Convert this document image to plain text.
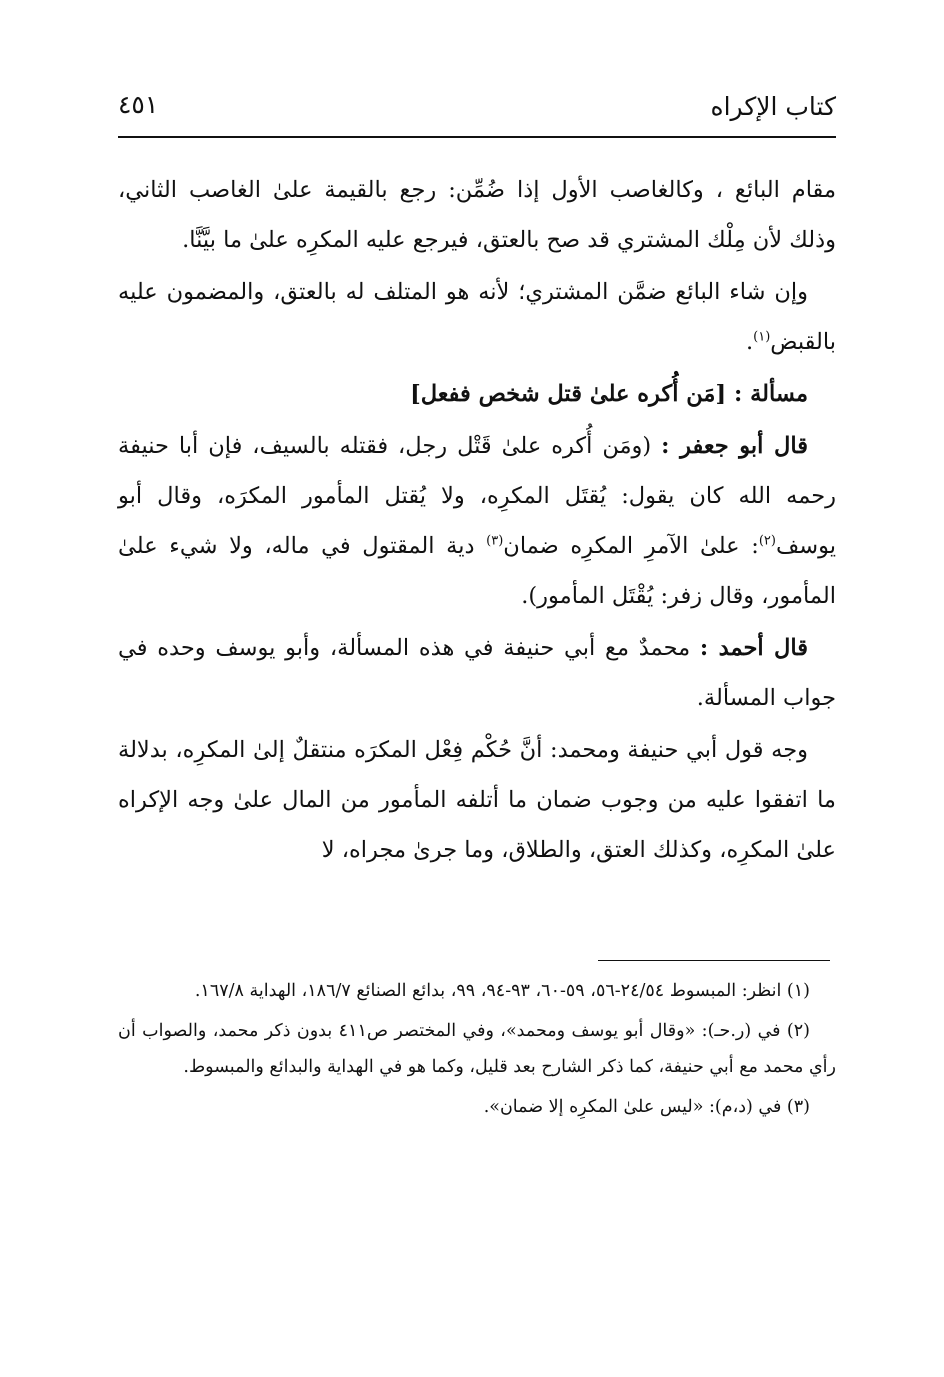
كتاب الإكراه
٤٥١

مقام البائع ، وكالغاصب الأول إذا ضُمِّن: رجع بالقيمة علىٰ الغاصب الثاني، وذلك لأن مِلْك المشتري قد صح بالعتق، فيرجع عليه المكرِه علىٰ ما بيَّنَّا.

وإن شاء البائع ضمَّن المشتري؛ لأنه هو المتلف له بالعتق، والمضمون عليه بالقبض$^{(١)}$.

مسألة : [مَن أُكره علىٰ قتل شخص ففعل]

قال أبو جعفر : (ومَن أُكره علىٰ قَتْل رجل، فقتله بالسيف، فإن أبا حنيفة رحمه الله كان يقول: يُقتَل المكرِه، ولا يُقتل المأمور المكرَه، وقال أبو يوسف$^{(٢)}$: علىٰ الآمرِ المكرِه ضمان$^{(٣)}$ دية المقتول في ماله، ولا شيء علىٰ المأمور، وقال زفر: يُقْتَل المأمور).

قال أحمد : محمدٌ مع أبي حنيفة في هذه المسألة، وأبو يوسف وحده في جواب المسألة.

وجه قول أبي حنيفة ومحمد: أنَّ حُكْم فِعْل المكرَه منتقلٌ إلىٰ المكرِه، بدلالة ما اتفقوا عليه من وجوب ضمان ما أتلفه المأمور من المال علىٰ وجه الإكراه علىٰ المكرِه، وكذلك العتق، والطلاق، وما جرىٰ مجراه، لا

(١) انظر: المبسوط ٢٤/٥٤-٥٦، ٥٩-٦٠، ٩٣-٩٤، ٩٩، بدائع الصنائع ١٨٦/٧، الهداية ١٦٧/٨.

(٢) في (ر.حـ): «وقال أبو يوسف ومحمد»، وفي المختصر ص٤١١ بدون ذكر محمد، والصواب أن رأي محمد مع أبي حنيفة، كما ذكر الشارح بعد قليل، وكما هو في الهداية والبدائع والمبسوط.

(٣) في (د،م): «ليس علىٰ المكرِه إلا ضمان».
